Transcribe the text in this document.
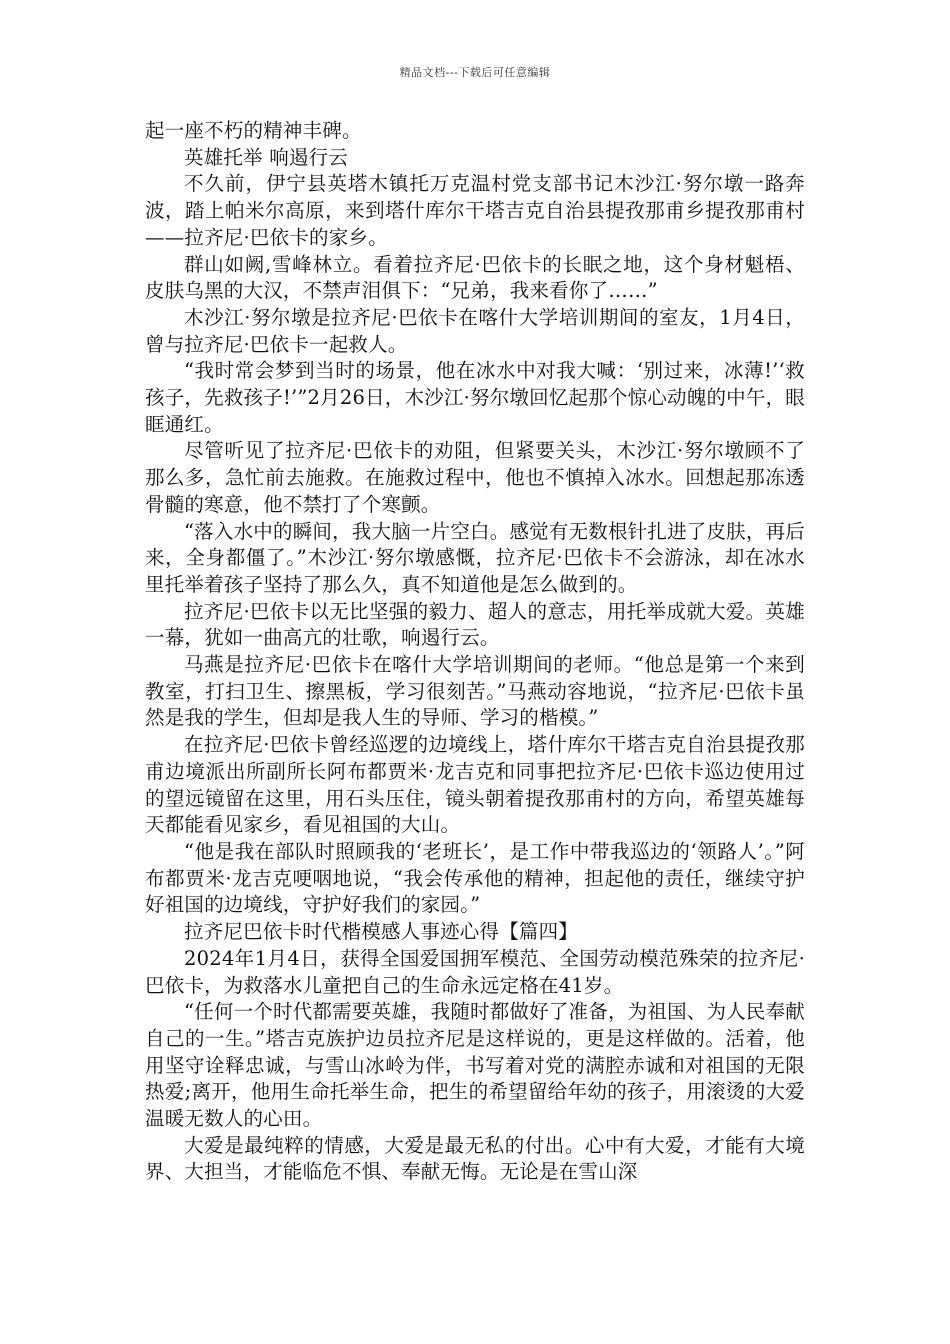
精品文档---下载后可任意编辑

起一座不朽的精神丰碑。

英雄托举 响遏行云

不久前，伊宁县英塔木镇托万克温村党支部书记木沙江·努尔墩一路奔波，踏上帕米尔高原，来到塔什库尔干塔吉克自治县提孜那甫乡提孜那甫村——拉齐尼·巴依卡的家乡。

群山如阙,雪峰林立。看着拉齐尼·巴依卡的长眠之地，这个身材魁梧、皮肤乌黑的大汉，不禁声泪俱下：“兄弟，我来看你了……”

木沙江·努尔墩是拉齐尼·巴依卡在喀什大学培训期间的室友，1月4日，曾与拉齐尼·巴依卡一起救人。

“我时常会梦到当时的场景，他在冰水中对我大喊：‘别过来，冰薄!’‘救孩子，先救孩子!’”2月26日，木沙江·努尔墩回忆起那个惊心动魄的中午，眼眶通红。

尽管听见了拉齐尼·巴依卡的劝阻，但紧要关头，木沙江·努尔墩顾不了那么多，急忙前去施救。在施救过程中，他也不慎掉入冰水。回想起那冻透骨髓的寒意，他不禁打了个寒颤。

“落入水中的瞬间，我大脑一片空白。感觉有无数根针扎进了皮肤，再后来，全身都僵了。”木沙江·努尔墩感慨，拉齐尼·巴依卡不会游泳，却在冰水里托举着孩子坚持了那么久，真不知道他是怎么做到的。

拉齐尼·巴依卡以无比坚强的毅力、超人的意志，用托举成就大爱。英雄一幕，犹如一曲高亢的壮歌，响遏行云。

马燕是拉齐尼·巴依卡在喀什大学培训期间的老师。“他总是第一个来到教室，打扫卫生、擦黑板，学习很刻苦。”马燕动容地说，“拉齐尼·巴依卡虽然是我的学生，但却是我人生的导师、学习的楷模。”

在拉齐尼·巴依卡曾经巡逻的边境线上，塔什库尔干塔吉克自治县提孜那甫边境派出所副所长阿布都贾米·龙吉克和同事把拉齐尼·巴依卡巡边使用过的望远镜留在这里，用石头压住，镜头朝着提孜那甫村的方向，希望英雄每天都能看见家乡，看见祖国的大山。

“他是我在部队时照顾我的‘老班长’，是工作中带我巡边的‘领路人’。”阿布都贾米·龙吉克哽咽地说，“我会传承他的精神，担起他的责任，继续守护好祖国的边境线，守护好我们的家园。”

拉齐尼巴依卡时代楷模感人事迹心得【篇四】

2024年1月4日，获得全国爱国拥军模范、全国劳动模范殊荣的拉齐尼·巴依卡，为救落水儿童把自己的生命永远定格在41岁。

“任何一个时代都需要英雄，我随时都做好了准备，为祖国、为人民奉献自己的一生。”塔吉克族护边员拉齐尼是这样说的，更是这样做的。活着，他用坚守诠释忠诚，与雪山冰岭为伴，书写着对党的满腔赤诚和对祖国的无限热爱;离开，他用生命托举生命，把生的希望留给年幼的孩子，用滚烫的大爱温暖无数人的心田。

大爱是最纯粹的情感，大爱是最无私的付出。心中有大爱，才能有大境界、大担当，才能临危不惧、奉献无悔。无论是在雪山深
